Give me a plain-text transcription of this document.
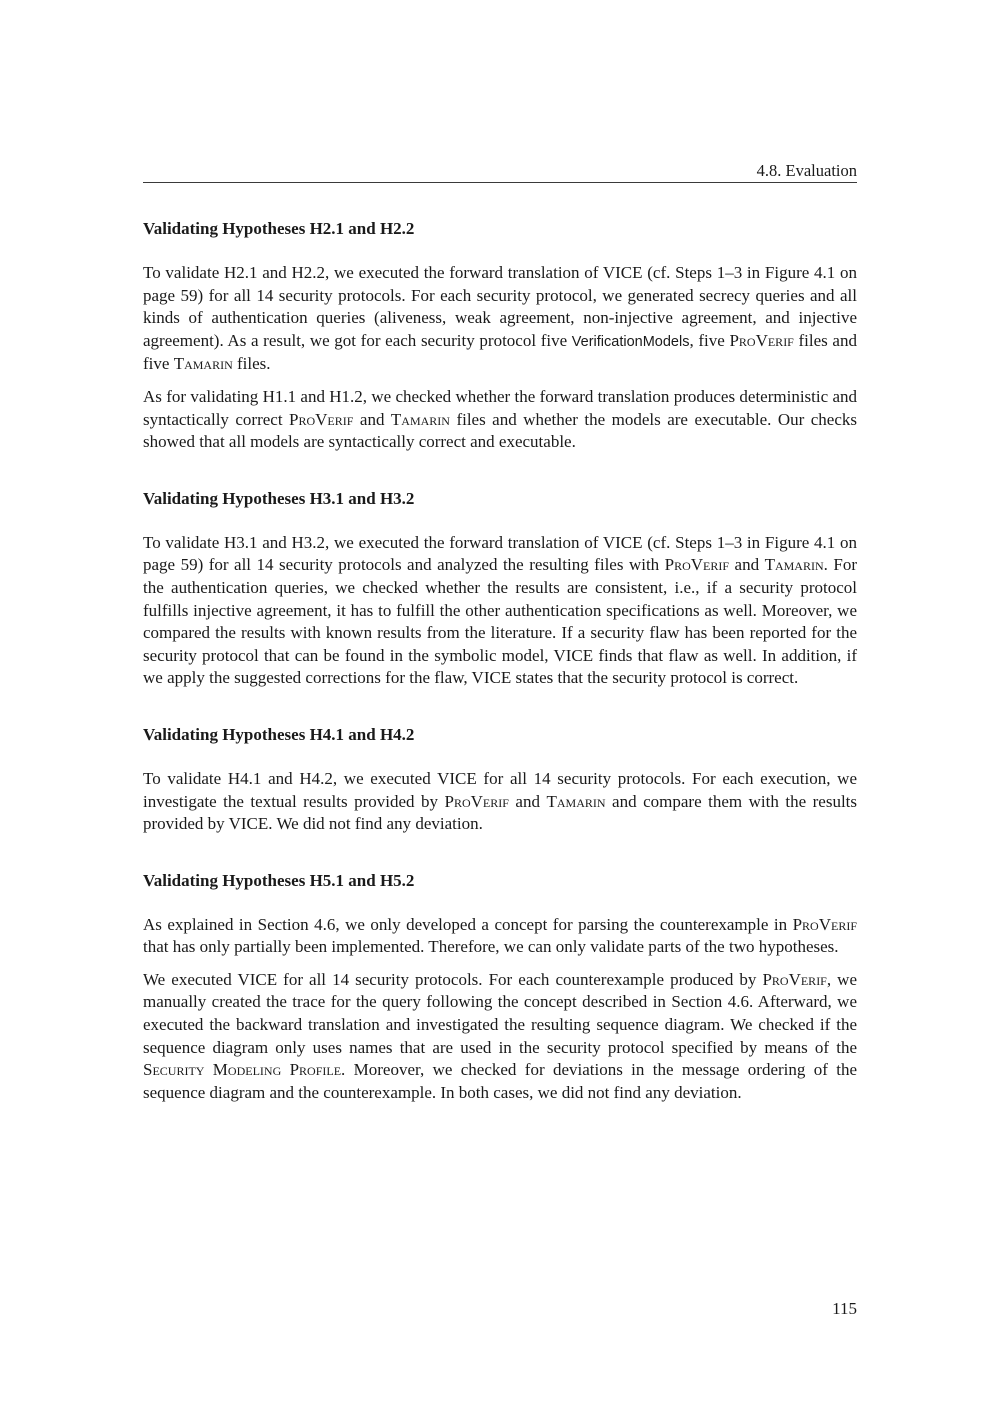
4.8. Evaluation
Validating Hypotheses H2.1 and H2.2

To validate H2.1 and H2.2, we executed the forward translation of VICE (cf. Steps 1–3 in Figure 4.1 on page 59) for all 14 security protocols. For each security protocol, we generated secrecy queries and all kinds of authentication queries (aliveness, weak agreement, non-injective agreement, and injective agreement). As a result, we got for each security protocol five VerificationModels, five ProVerif files and five Tamarin files.

As for validating H1.1 and H1.2, we checked whether the forward translation produces deterministic and syntactically correct ProVerif and Tamarin files and whether the models are executable. Our checks showed that all models are syntactically correct and executable.

Validating Hypotheses H3.1 and H3.2

To validate H3.1 and H3.2, we executed the forward translation of VICE (cf. Steps 1–3 in Figure 4.1 on page 59) for all 14 security protocols and analyzed the resulting files with ProVerif and Tamarin. For the authentication queries, we checked whether the results are consistent, i.e., if a security protocol fulfills injective agreement, it has to fulfill the other authentication specifications as well. Moreover, we compared the results with known results from the literature. If a security flaw has been reported for the security protocol that can be found in the symbolic model, VICE finds that flaw as well. In addition, if we apply the suggested corrections for the flaw, VICE states that the security protocol is correct.

Validating Hypotheses H4.1 and H4.2

To validate H4.1 and H4.2, we executed VICE for all 14 security protocols. For each execution, we investigate the textual results provided by ProVerif and Tamarin and compare them with the results provided by VICE. We did not find any deviation.

Validating Hypotheses H5.1 and H5.2

As explained in Section 4.6, we only developed a concept for parsing the counterexample in ProVerif that has only partially been implemented. Therefore, we can only validate parts of the two hypotheses.

We executed VICE for all 14 security protocols. For each counterexample produced by ProVerif, we manually created the trace for the query following the concept described in Section 4.6. Afterward, we executed the backward translation and investigated the resulting sequence diagram. We checked if the sequence diagram only uses names that are used in the security protocol specified by means of the Security Modeling Profile. Moreover, we checked for deviations in the message ordering of the sequence diagram and the counterexample. In both cases, we did not find any deviation.

115
